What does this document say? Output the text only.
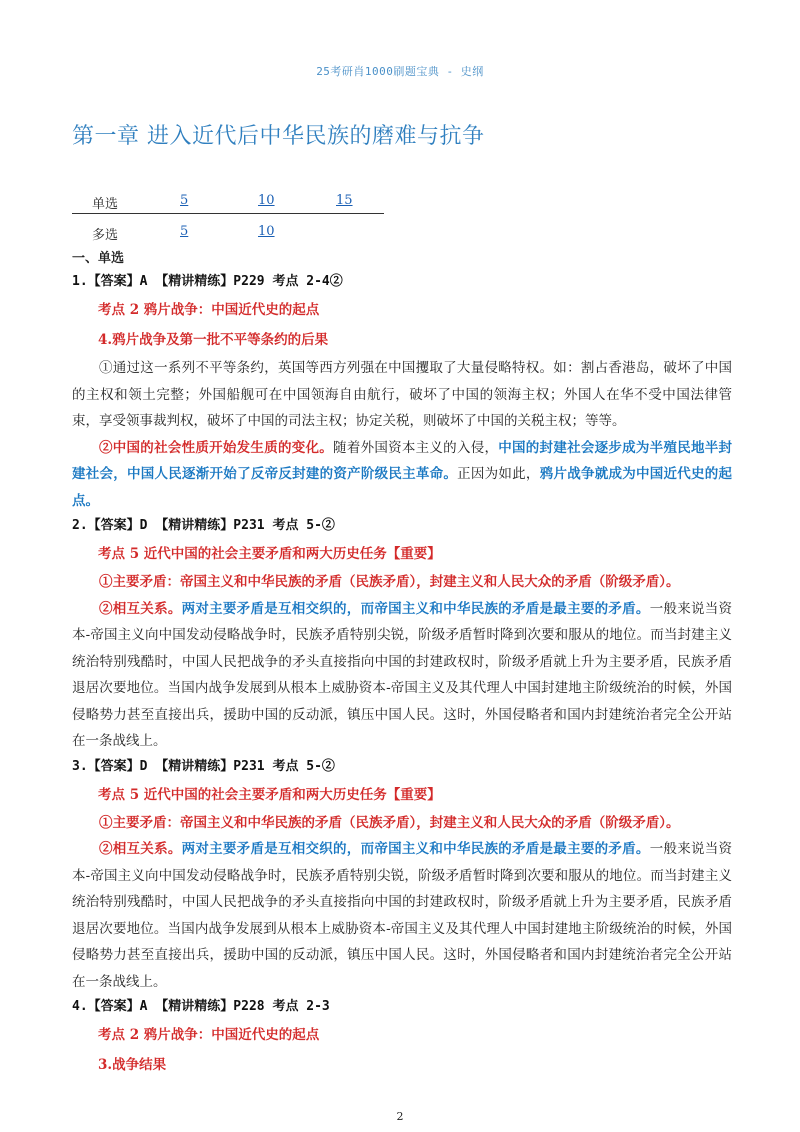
25考研肖1000刷题宝典 - 史纲
第一章 进入近代后中华民族的磨难与抗争
单选	5	10	15
多选	5	10
一、单选
1.【答案】A 【精讲精练】P229 考点 2-4②
考点 2 鸦片战争：中国近代史的起点
4.鸦片战争及第一批不平等条约的后果

①通过这一系列不平等条约，英国等西方列强在中国攫取了大量侵略特权。如：割占香港岛，破坏了中国的主权和领土完整；外国船舰可在中国领海自由航行，破坏了中国的领海主权；外国人在华不受中国法律管束，享受领事裁判权，破坏了中国的司法主权；协定关税，则破坏了中国的关税主权；等等。

②中国的社会性质开始发生质的变化。随着外国资本主义的入侵，中国的封建社会逐步成为半殖民地半封建社会，中国人民逐渐开始了反帝反封建的资产阶级民主革命。正因为如此，鸦片战争就成为中国近代史的起点。

2.【答案】D 【精讲精练】P231 考点 5-②
考点 5 近代中国的社会主要矛盾和两大历史任务【重要】

①主要矛盾：帝国主义和中华民族的矛盾（民族矛盾），封建主义和人民大众的矛盾（阶级矛盾）。

②相互关系。两对主要矛盾是互相交织的，而帝国主义和中华民族的矛盾是最主要的矛盾。一般来说当资本-帝国主义向中国发动侵略战争时，民族矛盾特别尖锐，阶级矛盾暂时降到次要和服从的地位。而当封建主义统治特别残酷时，中国人民把战争的矛头直接指向中国的封建政权时，阶级矛盾就上升为主要矛盾，民族矛盾退居次要地位。当国内战争发展到从根本上威胁资本-帝国主义及其代理人中国封建地主阶级统治的时候，外国侵略势力甚至直接出兵，援助中国的反动派，镇压中国人民。这时，外国侵略者和国内封建统治者完全公开站在一条战线上。

3.【答案】D 【精讲精练】P231 考点 5-②
考点 5 近代中国的社会主要矛盾和两大历史任务【重要】

①主要矛盾：帝国主义和中华民族的矛盾（民族矛盾），封建主义和人民大众的矛盾（阶级矛盾）。

②相互关系。两对主要矛盾是互相交织的，而帝国主义和中华民族的矛盾是最主要的矛盾。一般来说当资本-帝国主义向中国发动侵略战争时，民族矛盾特别尖锐，阶级矛盾暂时降到次要和服从的地位。而当封建主义统治特别残酷时，中国人民把战争的矛头直接指向中国的封建政权时，阶级矛盾就上升为主要矛盾，民族矛盾退居次要地位。当国内战争发展到从根本上威胁资本-帝国主义及其代理人中国封建地主阶级统治的时候，外国侵略势力甚至直接出兵，援助中国的反动派，镇压中国人民。这时，外国侵略者和国内封建统治者完全公开站在一条战线上。

4.【答案】A 【精讲精练】P228 考点 2-3
考点 2 鸦片战争：中国近代史的起点
3.战争结果
2
